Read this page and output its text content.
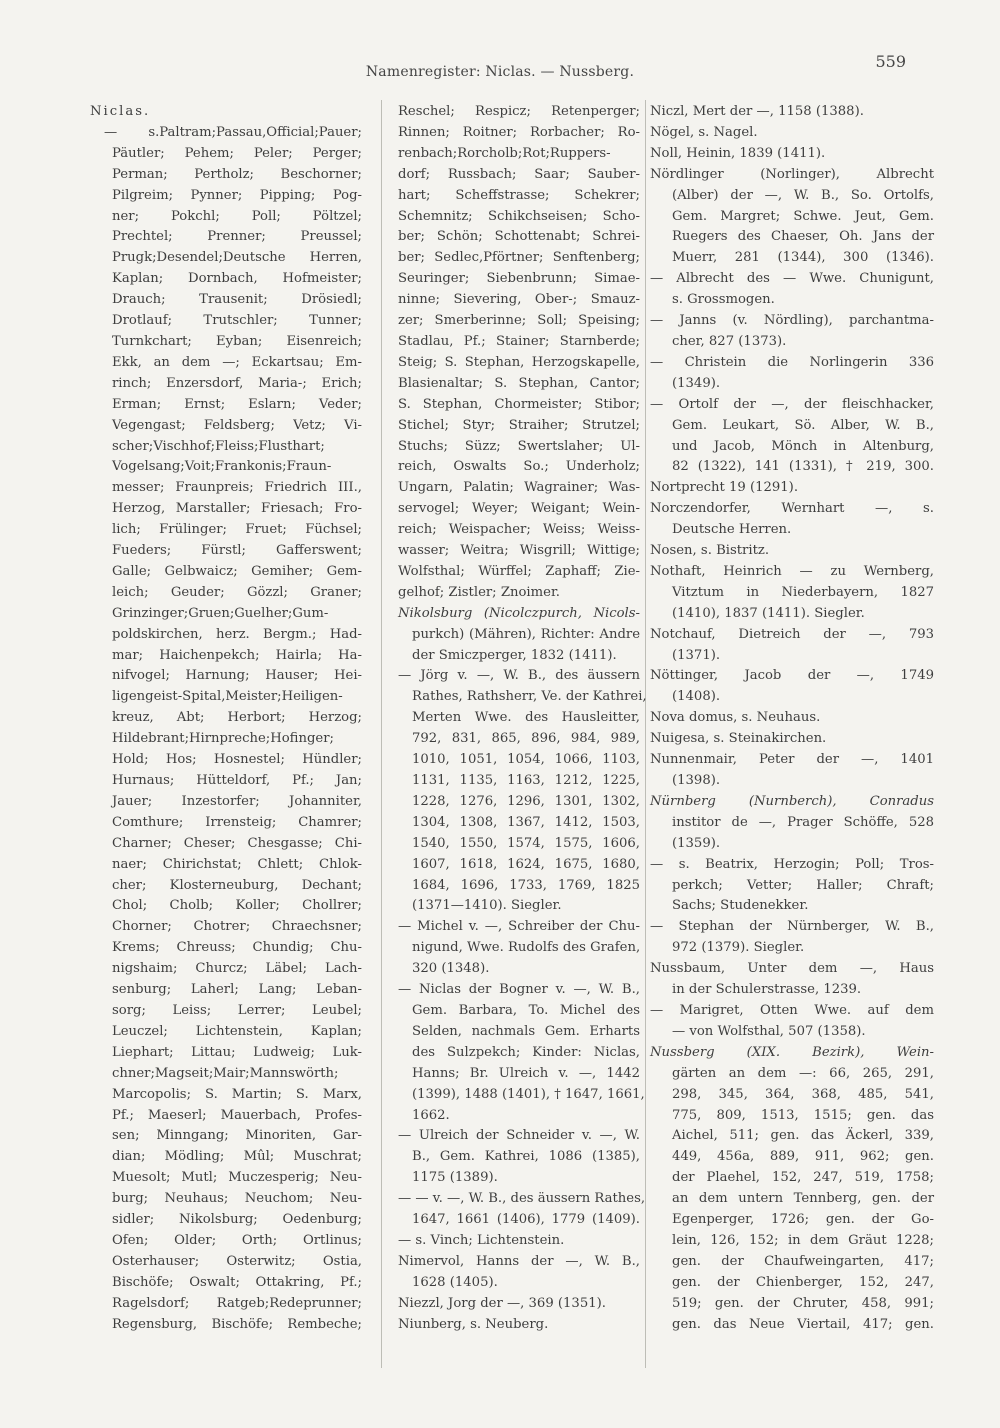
Namenregister: Niclas. — Nussberg.
559
Niclas.
— s.Paltram;Passau,Official;Pauer;
Päutler; Pehem; Peler; Perger;
Perman; Pertholz; Beschorner;
Pilgreim; Pynner; Pipping; Pog-
ner; Pokchl; Poll; Pöltzel;
Prechtel; Prenner; Preussel;
Prugk;Desendel;Deutsche Herren,
Kaplan; Dornbach, Hofmeister;
Drauch; Trausenit; Drösiedl;
Drotlauf; Trutschler; Tunner;
Turnkchart; Eyban; Eisenreich;
Ekk, an dem —; Eckartsau; Em-
rinch; Enzersdorf, Maria-; Erich;
Erman; Ernst; Eslarn; Veder;
Vegengast; Feldsberg; Vetz; Vi-
scher;Vischhof;Fleiss;Flusthart;
Vogelsang;Voit;Frankonis;Fraun-
messer; Fraunpreis; Friedrich III.,
Herzog, Marstaller; Friesach; Fro-
lich; Frülinger; Fruet; Füchsel;
Fueders; Fürstl; Gafferswent;
Galle; Gelbwaicz; Gemiher; Gem-
leich; Geuder; Gözzl; Graner;
Grinzinger;Gruen;Guelher;Gum-
poldskirchen, herz. Bergm.; Had-
mar; Haichenpekch; Hairla; Ha-
nifvogel; Harnung; Hauser; Hei-
ligengeist-Spital,Meister;Heiligen-
kreuz, Abt; Herbort; Herzog;
Hildebrant;Hirnpreche;Hofinger;
Hold; Hos; Hosnestel; Hündler;
Hurnaus; Hütteldorf, Pf.; Jan;
Jauer; Inzestorfer; Johanniter,
Comthure; Irrensteig; Chamrer;
Charner; Cheser; Chesgasse; Chi-
naer; Chirichstat; Chlett; Chlok-
cher; Klosterneuburg, Dechant;
Chol; Cholb; Koller; Chollrer;
Chorner; Chotrer; Chraechsner;
Krems; Chreuss; Chundig; Chu-
nigshaim; Churcz; Läbel; Lach-
senburg; Laherl; Lang; Leban-
sorg; Leiss; Lerrer; Leubel;
Leuczel; Lichtenstein, Kaplan;
Liephart; Littau; Ludweig; Luk-
chner;Magseit;Mair;Mannswörth;
Marcopolis; S. Martin; S. Marx,
Pf.; Maeserl; Mauerbach, Profes-
sen; Minngang; Minoriten, Gar-
dian; Mödling; Mûl; Muschrat;
Muesolt; Mutl; Muczesperig; Neu-
burg; Neuhaus; Neuchom; Neu-
sidler; Nikolsburg; Oedenburg;
Ofen; Older; Orth; Ortlinus;
Osterhauser; Osterwitz; Ostia,
Bischöfe; Oswalt; Ottakring, Pf.;
Ragelsdorf; Ratgeb;Redeprunner;
Regensburg, Bischöfe; Rembeche;
Reschel; Respicz; Retenperger;
Rinnen; Roitner; Rorbacher; Ro-
renbach;Rorcholb;Rot;Ruppers-
dorf; Russbach; Saar; Sauber-
hart; Scheffstrasse; Schekrer;
Schemnitz; Schikchseisen; Scho-
ber; Schön; Schottenabt; Schrei-
ber; Sedlec,Pförtner; Senftenberg;
Seuringer; Siebenbrunn; Simae-
ninne; Sievering, Ober-; Smauz-
zer; Smerberinne; Soll; Speising;
Stadlau, Pf.; Stainer; Starnberde;
Steig; S. Stephan, Herzogskapelle,
Blasienaltar; S. Stephan, Cantor;
S. Stephan, Chormeister; Stibor;
Stichel; Styr; Straiher; Strutzel;
Stuchs; Süzz; Swertslaher; Ul-
reich, Oswalts So.; Underholz;
Ungarn, Palatin; Wagrainer; Was-
servogel; Weyer; Weigant; Wein-
reich; Weispacher; Weiss; Weiss-
wasser; Weitra; Wisgrill; Wittige;
Wolfsthal; Würffel; Zaphaff; Zie-
gelhof; Zistler; Znoimer.
Nikolsburg (Nicolczpurch, Nicols-
purkch) (Mähren), Richter: Andre
der Smiczperger, 1832 (1411).
— Jörg v. —, W. B., des äussern
Rathes, Rathsherr, Ve. der Kathrei,
Merten Wwe. des Hausleitter,
792, 831, 865, 896, 984, 989,
1010, 1051, 1054, 1066, 1103,
1131, 1135, 1163, 1212, 1225,
1228, 1276, 1296, 1301, 1302,
1304, 1308, 1367, 1412, 1503,
1540, 1550, 1574, 1575, 1606,
1607, 1618, 1624, 1675, 1680,
1684, 1696, 1733, 1769, 1825
(1371—1410). Siegler.
— Michel v. —, Schreiber der Chu-
nigund, Wwe. Rudolfs des Grafen,
320 (1348).
— Niclas der Bogner v. —, W. B.,
Gem. Barbara, To. Michel des
Selden, nachmals Gem. Erharts
des Sulzpekch; Kinder: Niclas,
Hanns; Br. Ulreich v. —, 1442
(1399), 1488 (1401), † 1647, 1661,
1662.
— Ulreich der Schneider v. —, W.
B., Gem. Kathrei, 1086 (1385),
1175 (1389).
— — v. —, W. B., des äussern Rathes,
1647, 1661 (1406), 1779 (1409).
— s. Vinch; Lichtenstein.
Nimervol, Hanns der —, W. B.,
1628 (1405).
Niezzl, Jorg der —, 369 (1351).
Niunberg, s. Neuberg.
Niczl, Mert der —, 1158 (1388).
Nögel, s. Nagel.
Noll, Heinin, 1839 (1411).
Nördlinger (Norlinger), Albrecht
(Alber) der —, W. B., So. Ortolfs,
Gem. Margret; Schwe. Jeut, Gem.
Ruegers des Chaeser, Oh. Jans der
Muerr, 281 (1344), 300 (1346).
— Albrecht des — Wwe. Chunigunt,
s. Grossmogen.
— Janns (v. Nördling), parchantma-
cher, 827 (1373).
— Christein die Norlingerin 336
(1349).
— Ortolf der —, der fleischhacker,
Gem. Leukart, Sö. Alber, W. B.,
und Jacob, Mönch in Altenburg,
82 (1322), 141 (1331), † 219, 300.
Nortprecht 19 (1291).
Norczendorfer, Wernhart —, s.
Deutsche Herren.
Nosen, s. Bistritz.
Nothaft, Heinrich — zu Wernberg,
Vitztum in Niederbayern, 1827
(1410), 1837 (1411). Siegler.
Notchauf, Dietreich der —, 793
(1371).
Nöttinger, Jacob der —, 1749
(1408).
Nova domus, s. Neuhaus.
Nuigesa, s. Steinakirchen.
Nunnenmair, Peter der —, 1401
(1398).
Nürnberg (Nurnberch), Conradus
institor de —, Prager Schöffe, 528
(1359).
— s. Beatrix, Herzogin; Poll; Tros-
perkch; Vetter; Haller; Chraft;
Sachs; Studenekker.
— Stephan der Nürnberger, W. B.,
972 (1379). Siegler.
Nussbaum, Unter dem —, Haus
in der Schulerstrasse, 1239.
— Marigret, Otten Wwe. auf dem
— von Wolfsthal, 507 (1358).
Nussberg (XIX. Bezirk), Wein-
gärten an dem —: 66, 265, 291,
298, 345, 364, 368, 485, 541,
775, 809, 1513, 1515; gen. das
Aichel, 511; gen. das Äckerl, 339,
449, 456a, 889, 911, 962; gen.
der Plaehel, 152, 247, 519, 1758;
an dem untern Tennberg, gen. der
Egenperger, 1726; gen. der Go-
lein, 126, 152; in dem Gräut 1228;
gen. der Chaufweingarten, 417;
gen. der Chienberger, 152, 247,
519; gen. der Chruter, 458, 991;
gen. das Neue Viertail, 417; gen.
